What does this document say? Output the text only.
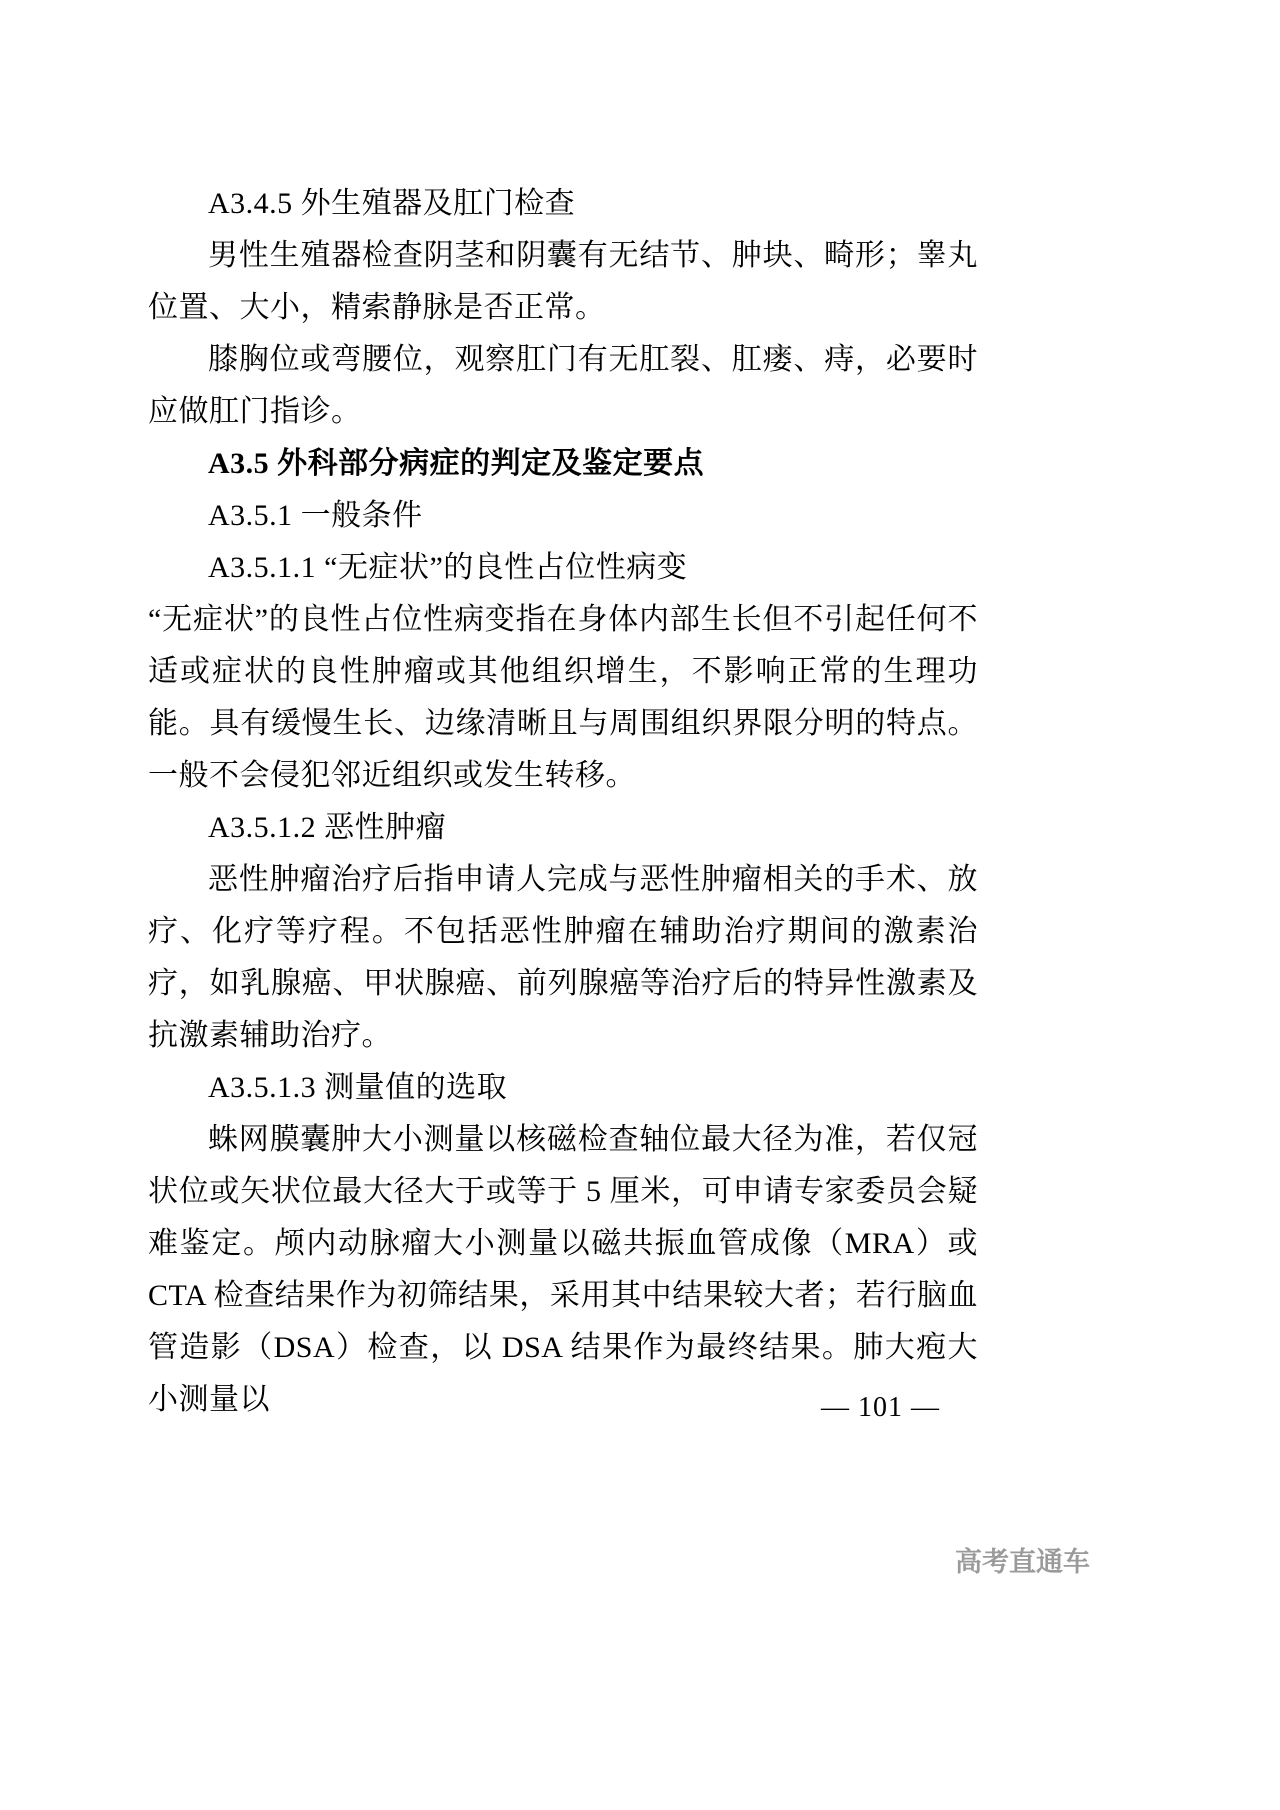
A3.4.5 外生殖器及肛门检查

男性生殖器检查阴茎和阴囊有无结节、肿块、畸形；睾丸位置、大小，精索静脉是否正常。

膝胸位或弯腰位，观察肛门有无肛裂、肛瘘、痔，必要时应做肛门指诊。

A3.5 外科部分病症的判定及鉴定要点

A3.5.1 一般条件

A3.5.1.1 “无症状”的良性占位性病变

“无症状”的良性占位性病变指在身体内部生长但不引起任何不适或症状的良性肿瘤或其他组织增生，不影响正常的生理功能。具有缓慢生长、边缘清晰且与周围组织界限分明的特点。一般不会侵犯邻近组织或发生转移。

A3.5.1.2 恶性肿瘤

恶性肿瘤治疗后指申请人完成与恶性肿瘤相关的手术、放疗、化疗等疗程。不包括恶性肿瘤在辅助治疗期间的激素治疗，如乳腺癌、甲状腺癌、前列腺癌等治疗后的特异性激素及抗激素辅助治疗。

A3.5.1.3 测量值的选取

蛛网膜囊肿大小测量以核磁检查轴位最大径为准，若仅冠状位或矢状位最大径大于或等于 5 厘米，可申请专家委员会疑难鉴定。颅内动脉瘤大小测量以磁共振血管成像（MRA）或 CTA 检查结果作为初筛结果，采用其中结果较大者；若行脑血管造影（DSA）检查，以 DSA 结果作为最终结果。肺大疱大小测量以	— 101 —
高考直通车
